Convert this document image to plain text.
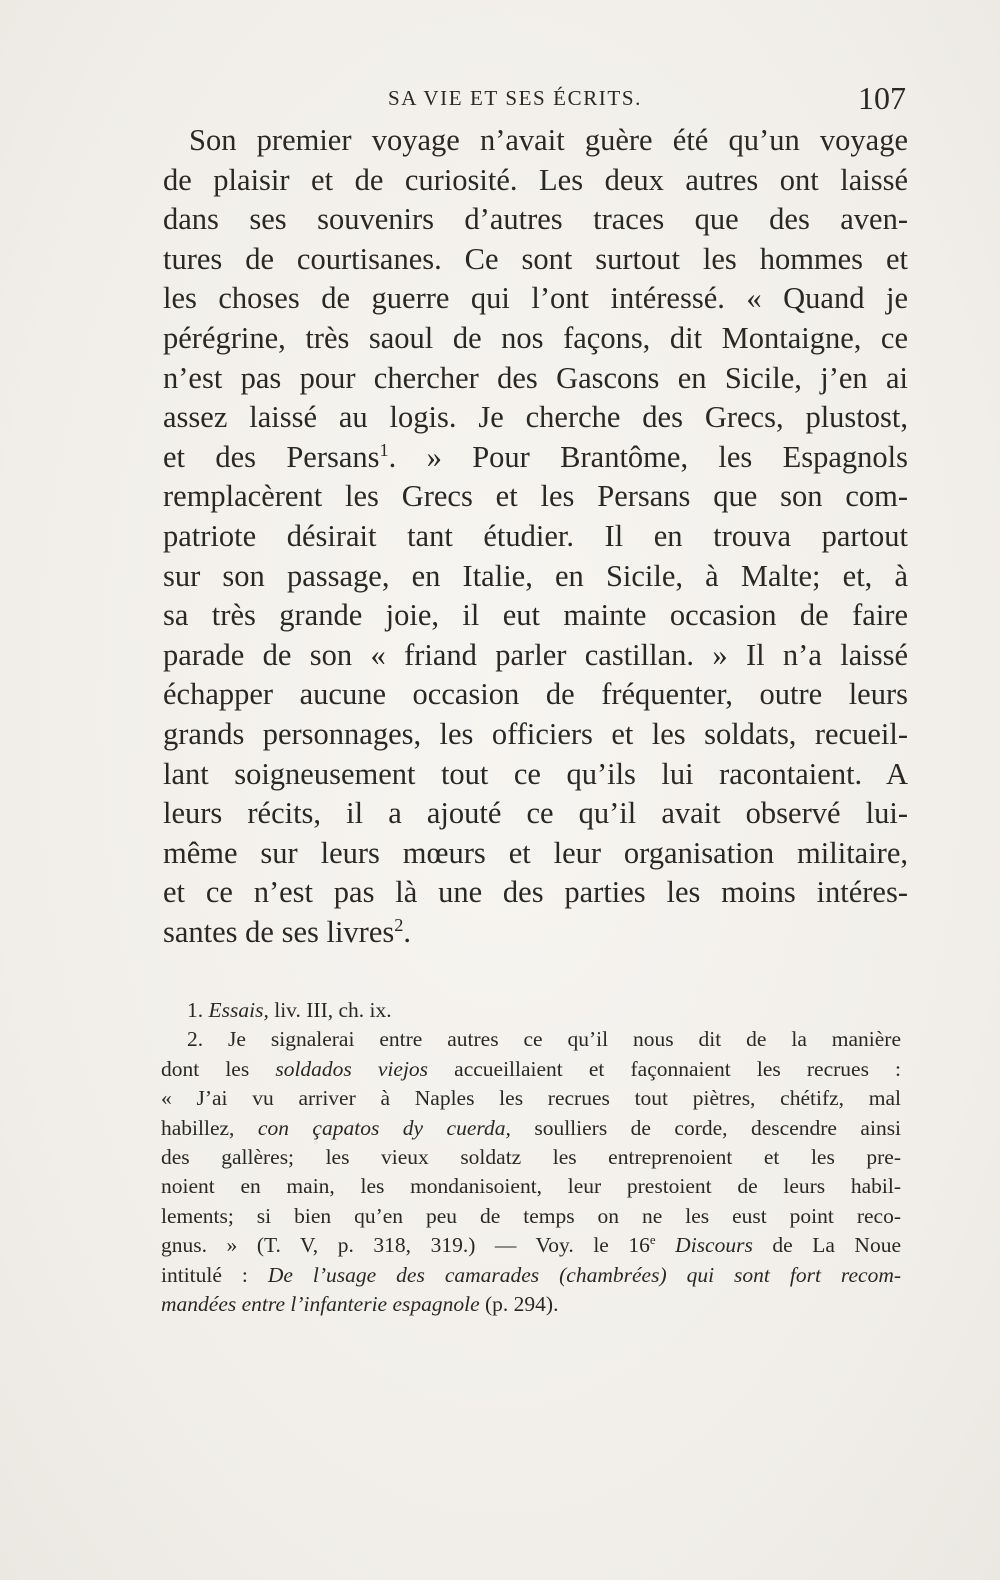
SA VIE ET SES ÉCRITS.	107
Son premier voyage n’avait guère été qu’un voyage
de plaisir et de curiosité. Les deux autres ont laissé
dans ses souvenirs d’autres traces que des aven-
tures de courtisanes. Ce sont surtout les hommes et
les choses de guerre qui l’ont intéressé. « Quand je
pérégrine, très saoul de nos façons, dit Montaigne, ce
n’est pas pour chercher des Gascons en Sicile, j’en ai
assez laissé au logis. Je cherche des Grecs, plustost,
et des Persans$^1$. » Pour Brantôme, les Espagnols
remplacèrent les Grecs et les Persans que son com-
patriote désirait tant étudier. Il en trouva partout
sur son passage, en Italie, en Sicile, à Malte; et, à
sa très grande joie, il eut mainte occasion de faire
parade de son « friand parler castillan. » Il n’a laissé
échapper aucune occasion de fréquenter, outre leurs
grands personnages, les officiers et les soldats, recueil-
lant soigneusement tout ce qu’ils lui racontaient. A
leurs récits, il a ajouté ce qu’il avait observé lui-
même sur leurs mœurs et leur organisation militaire,
et ce n’est pas là une des parties les moins intéres-
santes de ses livres$^2$.
1. Essais, liv. III, ch. ix.
2. Je signalerai entre autres ce qu’il nous dit de la manière
dont les soldados viejos accueillaient et façonnaient les recrues :
« J’ai vu arriver à Naples les recrues tout piètres, chétifz, mal
habillez, con çapatos dy cuerda, soulliers de corde, descendre ainsi
des gallères; les vieux soldatz les entreprenoient et les pre-
noient en main, les mondanisoient, leur prestoient de leurs habil-
lements; si bien qu’en peu de temps on ne les eust point reco-
gnus. » (T. V, p. 318, 319.) — Voy. le 16e Discours de La Noue
intitulé : De l’usage des camarades (chambrées) qui sont fort recom-
mandées entre l’infanterie espagnole (p. 294).
